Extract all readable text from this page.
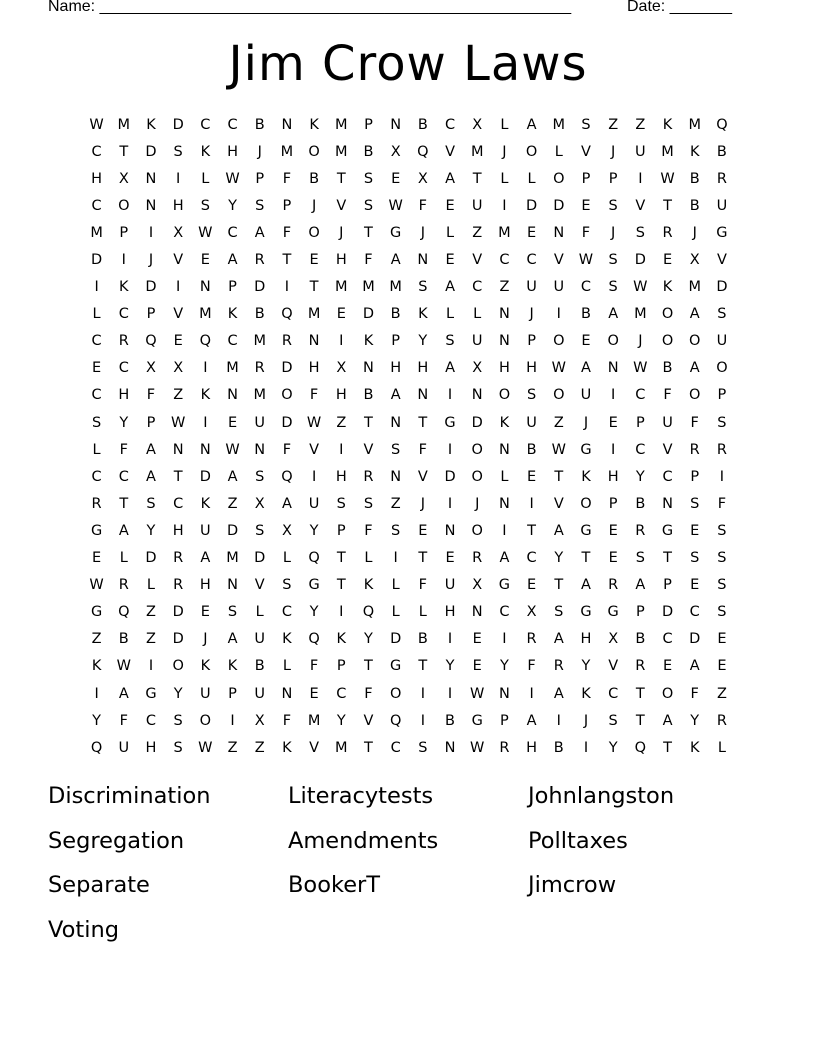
Name: _____________________________________________________	Date: _______
Jim Crow Laws
W M	K	D	C	C	B	N	K	M	P	N	B	C	X	L	A	M	S	Z	Z	K	M	Q
C	T	D	S	K	H	J	M	O	M	B	X	Q	V	M	J	O	L	V	J	U	M	K	B
H	X	N	I	L	W	P	F	B	T	S	E	X	A	T	L	L	O	P	P	I	W	B	R
C	O	N	H	S	Y	S	P	J	V	S	W	F	E	U	I	D	D	E	S	V	T	B	U
M	P	I	X	W	C	A	F	O	J	T	G	J	L	Z	M	E	N	F	J	S	R	J	G
D	I	J	V	E	A	R	T	E	H	F	A	N	E	V	C	C	V	W	S	D	E	X	V
I	K	D	I	N	P	D	I	T	M	M	M	S	A	C	Z	U	U	C	S	W	K	M	D
L	C	P	V	M	K	B	Q	M	E	D	B	K	L	L	N	J	I	B	A	M	O	A	S
C	R	Q	E	Q	C	M	R	N	I	K	P	Y	S	U	N	P	O	E	O	J	O	O	U
E	C	X	X	I	M	R	D	H	X	N	H	H	A	X	H	H	W	A	N	W	B	A	O
C	H	F	Z	K	N	M	O	F	H	B	A	N	I	N	O	S	O	U	I	C	F	O	P
S	Y	P	W	I	E	U	D W	Z	T	N	T	G	D	K	U	Z	J	E	P	U	F	S
L	F	A	N	N	W	N	F	V	I	V	S	F	I	O	N	B	W G	I	C	V	R	R
C	C	A	T	D	A	S	Q	I	H	R	N	V	D	O	L	E	T	K	H	Y	C	P	I
R	T	S	C	K	Z	X	A	U	S	S	Z	J	I	J	N	I	V	O	P	B	N	S	F
G	A	Y	H	U	D	S	X	Y	P	F	S	E	N	O	I	T	A	G	E	R	G	E	S
E	L	D	R	A	M	D	L	Q	T	L	I	T	E	R	A	C	Y	T	E	S	T	S	S
W	R	L	R	H	N	V	S	G	T	K	L	F	U	X	G	E	T	A	R	A	P	E	S
G	Q	Z	D	E	S	L	C	Y	I	Q	L	L	H	N	C	X	S	G	G	P	D	C	S
Z	B	Z	D	J	A	U	K	Q	K	Y	D	B	I	E	I	R	A	H	X	B	C	D	E
K	W	I	O	K	K	B	L	F	P	T	G	T	Y	E	Y	F	R	Y	V	R	E	A	E
I	A	G	Y	U	P	U	N	E	C	F	O	I	I	W	N	I	A	K	C	T	O	F	Z
Y	F	C	S	O	I	X	F	M	Y	V	Q	I	B	G	P	A	I	J	S	T	A	Y	R
Q	U	H	S	W	Z	Z	K	V	M	T	C	S	N	W	R	H	B	I	Y	Q	T	K	L
Discrimination	Literacytests	Johnlangston
Segregation	Amendments	Polltaxes
Separate	BookerT	Jimcrow
Voting
